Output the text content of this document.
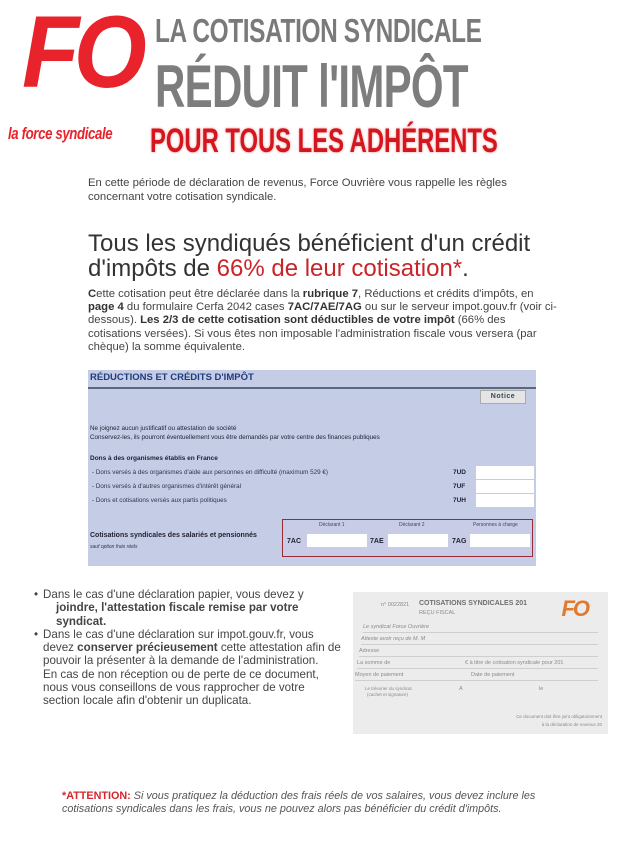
FO
la force syndicale
LA COTISATION SYNDICALE
RÉDUIT l'IMPÔT
POUR TOUS LES ADHÉRENTS
En cette période de déclaration de revenus, Force Ouvrière vous rappelle les règles concernant votre cotisation syndicale.
Tous les syndiqués bénéficient d'un crédit d'impôts de 66% de leur cotisation*.
Cette cotisation peut être déclarée dans la rubrique 7, Réductions et crédits d'impôts, en page 4 du formulaire Cerfa 2042 cases 7AC/7AE/7AG ou sur le serveur impot.gouv.fr (voir ci-dessous). Les 2/3 de cette cotisation sont déductibles de votre impôt (66% des cotisations versées). Si vous êtes non imposable l'administration fiscale vous versera (par chèque) la somme équivalente.
RÉDUCTIONS ET CRÉDITS D'IMPÔT
Notice
Ne joignez aucun justificatif ou attestation de société
Conservez-les, ils pourront éventuellement vous être demandés par votre centre des finances publiques
Dons à des organismes établis en France
- Dons versés à des organismes d'aide aux personnes en difficulté (maximum 529 €)	7UD
- Dons versés à d'autres organismes d'intérêt général	7UF
- Dons et cotisations versés aux partis politiques	7UH
Cotisations syndicales des salariés et pensionnés
sauf option frais réels
Déclarant 1	Déclarant 2	Personnes à charge
7AC	7AE	7AG
• Dans le cas d'une déclaration papier, vous devez y
joindre, l'attestation fiscale remise par votre syndicat.
• Dans le cas d'une déclaration sur impot.gouv.fr, vous devez conserver précieusement cette attestation afin de pouvoir la présenter à la demande de l'administration.
En cas de non réception ou de perte de ce document, nous vous conseillons de vous rapprocher de votre section locale afin d'obtenir un duplicata.
n° 0022821 COTISATIONS SYNDICALES 201
REÇU FISCAL	FO
Le syndicat Force Ouvrière
Atteste avoir reçu de M. M
Adresse
La somme de	€ à titre de cotisation syndicale pour 201
Moyen de paiement	Date de paiement
Le trésorier du syndicat
(cachet et signature)
A	le
Ce document doit être joint obligatoirement
à la déclaration de revenus 20
*ATTENTION: Si vous pratiquez la déduction des frais réels de vos salaires, vous devez inclure les cotisations syndicales dans les frais, vous ne pouvez alors pas bénéficier du crédit d'impôts.
